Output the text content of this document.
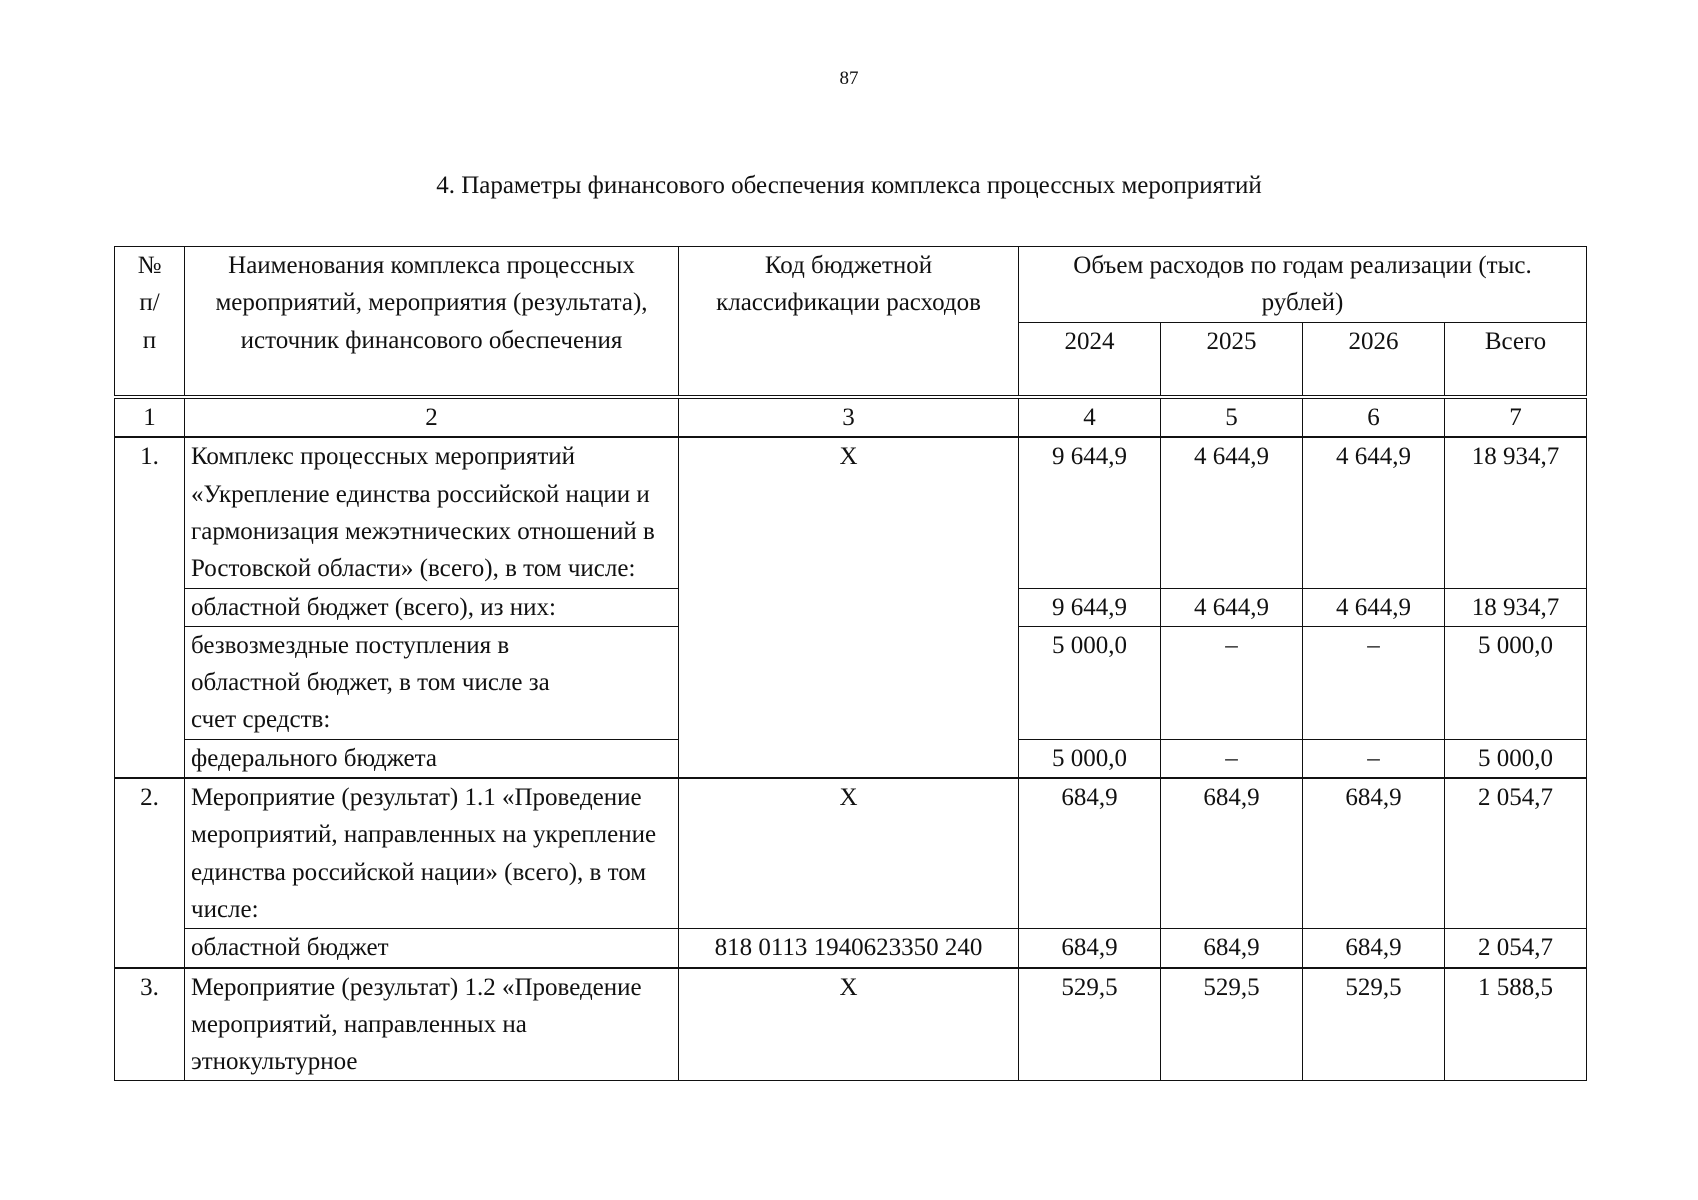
87
4. Параметры финансового обеспечения комплекса процессных мероприятий
№ п/п	Наименования комплекса процессных мероприятий, мероприятия (результата), источник финансового обеспечения	Код бюджетной классификации расходов	Объем расходов по годам реализации (тыс. рублей)			
			2024	2025	2026	Всего
1	2	3	4	5	6	7
1.	Комплекс процессных мероприятий «Укрепление единства российской нации и гармонизация межэтнических отношений в Ростовской области» (всего), в том числе:	Х	9 644,9	4 644,9	4 644,9	18 934,7
	областной бюджет (всего), из них:		9 644,9	4 644,9	4 644,9	18 934,7
	безвозмездные поступления в областной бюджет, в том числе за счет средств:		5 000,0	–	–	5 000,0
	федерального бюджета		5 000,0	–	–	5 000,0
2.	Мероприятие (результат) 1.1 «Проведение мероприятий, направленных на укрепление единства российской нации» (всего), в том числе:	Х	684,9	684,9	684,9	2 054,7
	областной бюджет	818 0113 1940623350 240	684,9	684,9	684,9	2 054,7
3.	Мероприятие (результат) 1.2 «Проведение мероприятий, направленных на этнокультурное	Х	529,5	529,5	529,5	1 588,5
